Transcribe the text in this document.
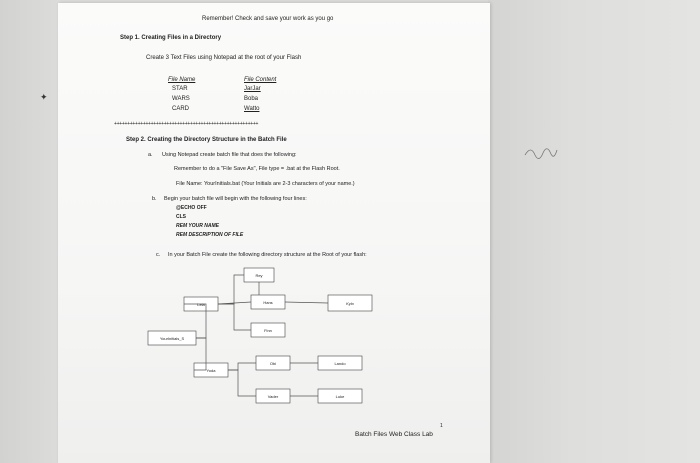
✦
Remember! Check and save your work as you go
Step 1. Creating Files in a Directory
Create 3 Text Files using Notepad at the root of your Flash
File Name	File Content
STAR	JarJar
WARS	Boba
CARD	Watto
+++++++++++++++++++++++++++++++++++++++++++++++++++++++
Step 2. Creating the Directory Structure in the Batch File
a. Using Notepad create batch file that does the following:
Remember to do a "File Save As", File type = .bat at the Flash Root.
File Name: YourInitials.bat (Your Initials are 2-3 characters of your name.)
b. Begin your batch file will begin with the following four lines:
@ECHO OFF
CLS
REM YOUR NAME
REM DESCRIPTION OF FILE
c. In your Batch File create the following directory structure at the Root of your flash:
YourInitials_S
Leia
Yoda
Rey
Hans
Finn
Obi
Vader
Kylo
Lando
Luke
1
Batch Files Web Class Lab
